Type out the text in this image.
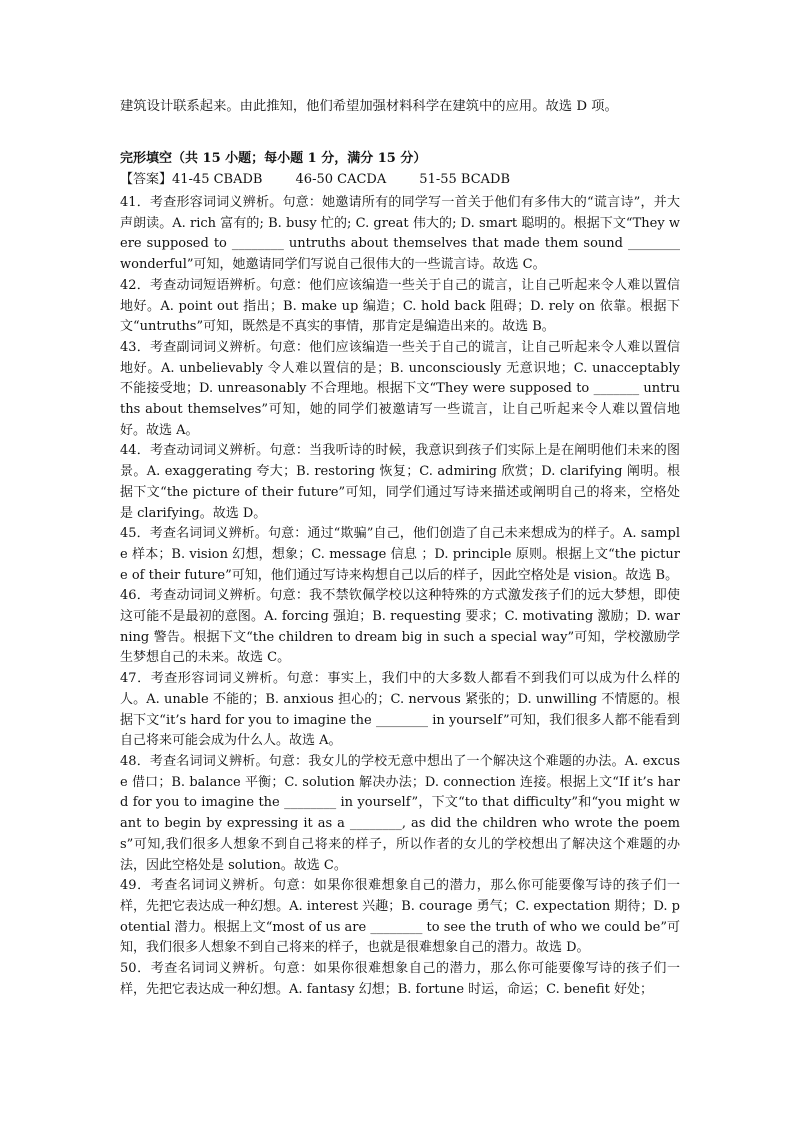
建筑设计联系起来。由此推知，他们希望加强材料科学在建筑中的应用。故选 D 项。
完形填空（共 15 小题；每小题 1 分，满分 15 分）
【答案】41-45 CBADB        46-50 CACDA        51-55 BCADB

41．考查形容词词义辨析。句意：她邀请所有的同学写一首关于他们有多伟大的“谎言诗”，并大声朗读。A. rich 富有的; B. busy 忙的; C. great 伟大的; D. smart 聪明的。根据下文“They were supposed to ________ untruths about themselves that made them sound ________ wonderful”可知，她邀请同学们写说自己很伟大的一些谎言诗。故选 C。

42．考查动词短语辨析。句意：他们应该编造一些关于自己的谎言，让自己听起来令人难以置信地好。A. point out 指出；B. make up 编造；C. hold back 阻碍；D. rely on 依靠。根据下文“untruths”可知，既然是不真实的事情，那肯定是编造出来的。故选 B。

43．考查副词词义辨析。句意：他们应该编造一些关于自己的谎言，让自己听起来令人难以置信地好。A. unbelievably 令人难以置信的是；B. unconsciously 无意识地；C. unacceptably 不能接受地；D. unreasonably 不合理地。根据下文“They were supposed to _______ untruths about themselves”可知，她的同学们被邀请写一些谎言，让自己听起来令人难以置信地好。故选 A。

44．考查动词词义辨析。句意：当我听诗的时候，我意识到孩子们实际上是在阐明他们未来的图景。A. exaggerating 夸大；B. restoring 恢复；C. admiring 欣赏；D. clarifying 阐明。根据下文“the picture of their future”可知，同学们通过写诗来描述或阐明自己的将来，空格处是 clarifying。故选 D。

45．考查名词词义辨析。句意：通过“欺骗”自己，他们创造了自己未来想成为的样子。A. sample 样本；B. vision 幻想，想象；C. message 信息 ；D. principle 原则。根据上文“the picture of their future”可知，他们通过写诗来构想自己以后的样子，因此空格处是 vision。故选 B。

46．考查动词词义辨析。句意：我不禁钦佩学校以这种特殊的方式激发孩子们的远大梦想，即使这可能不是最初的意图。A. forcing 强迫；B. requesting 要求；C. motivating 激励；D. warning 警告。根据下文“the children to dream big in such a special way”可知，学校激励学生梦想自己的未来。故选 C。

47．考查形容词词义辨析。句意：事实上，我们中的大多数人都看不到我们可以成为什么样的人。A. unable 不能的；B. anxious 担心的；C. nervous 紧张的；D. unwilling 不情愿的。根据下文“it’s hard for you to imagine the ________ in yourself”可知，我们很多人都不能看到自己将来可能会成为什么人。故选 A。

48．考查名词词义辨析。句意：我女儿的学校无意中想出了一个解决这个难题的办法。A. excuse 借口；B. balance 平衡；C. solution 解决办法；D. connection 连接。根据上文“If it’s hard for you to imagine the ________ in yourself”，下文“to that difficulty”和“you might want to begin by expressing it as a ________, as did the children who wrote the poems”可知,我们很多人想象不到自己将来的样子，所以作者的女儿的学校想出了解决这个难题的办法，因此空格处是 solution。故选 C。

49．考查名词词义辨析。句意：如果你很难想象自己的潜力，那么你可能要像写诗的孩子们一样，先把它表达成一种幻想。A. interest 兴趣；B. courage 勇气；C. expectation 期待；D. potential 潜力。根据上文“most of us are ________ to see the truth of who we could be”可知，我们很多人想象不到自己将来的样子，也就是很难想象自己的潜力。故选 D。

50．考查名词词义辨析。句意：如果你很难想象自己的潜力，那么你可能要像写诗的孩子们一样，先把它表达成一种幻想。A. fantasy 幻想；B. fortune 时运，命运；C. benefit 好处；
